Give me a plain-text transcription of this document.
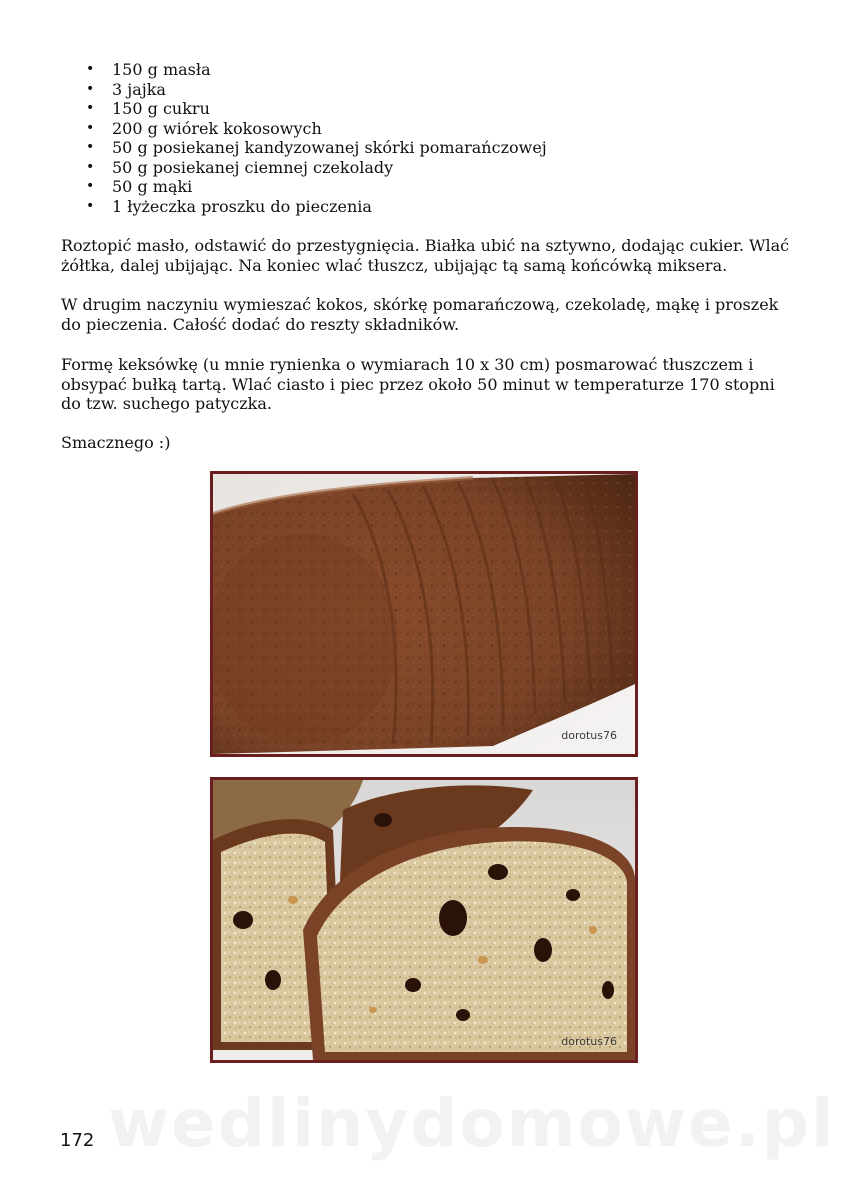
• 150 g masła
• 3 jajka
• 150 g cukru
• 200 g wiórek kokosowych
• 50 g posiekanej kandyzowanej skórki pomarańczowej
• 50 g posiekanej ciemnej czekolady
• 50 g mąki
• 1 łyżeczka proszku do pieczenia

Roztopić masło, odstawić do przestygnięcia. Białka ubić na sztywno, dodając cukier. Wlać żółtka, dalej ubijając. Na koniec wlać tłuszcz, ubijając tą samą końcówką miksera.

W drugim naczyniu wymieszać kokos, skórkę pomarańczową, czekoladę, mąkę i proszek do pieczenia. Całość dodać do reszty składników.

Formę keksówkę (u mnie rynienka o wymiarach 10 x 30 cm) posmarować tłuszczem i obsypać bułką tartą. Wlać ciasto i piec przez około 50 minut w temperaturze 170 stopni do tzw. suchego patyczka.

Smacznego :)

dorotus76
dorotus76
wedlinydomowe.pl
172
